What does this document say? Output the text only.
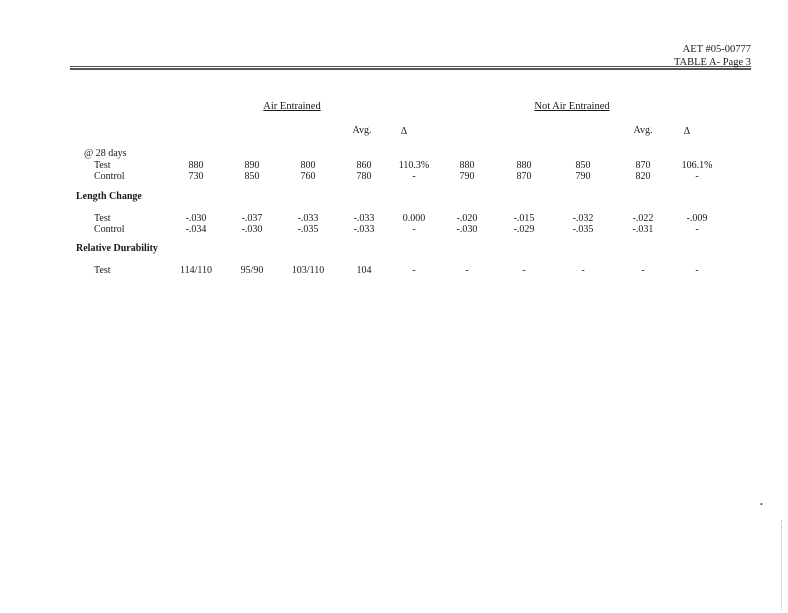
AET #05-00777
TABLE A- Page 3
Air Entrained	Not Air Entrained
Avg.	Δ	Avg.	Δ
@ 28 days
Test	880	890	800	860	110.3%	880	880	850	870	106.1%
Control	730	850	760	780	-	790	870	790	820	-
Length Change
Test	-.030	-.037	-.033	-.033	0.000	-.020	-.015	-.032	-.022	-.009
Control	-.034	-.030	-.035	-.033	-	-.030	-.029	-.035	-.031	-
Relative Durability
Test	114/110	95/90	103/110	104	-	-	-	-	-	-
•
